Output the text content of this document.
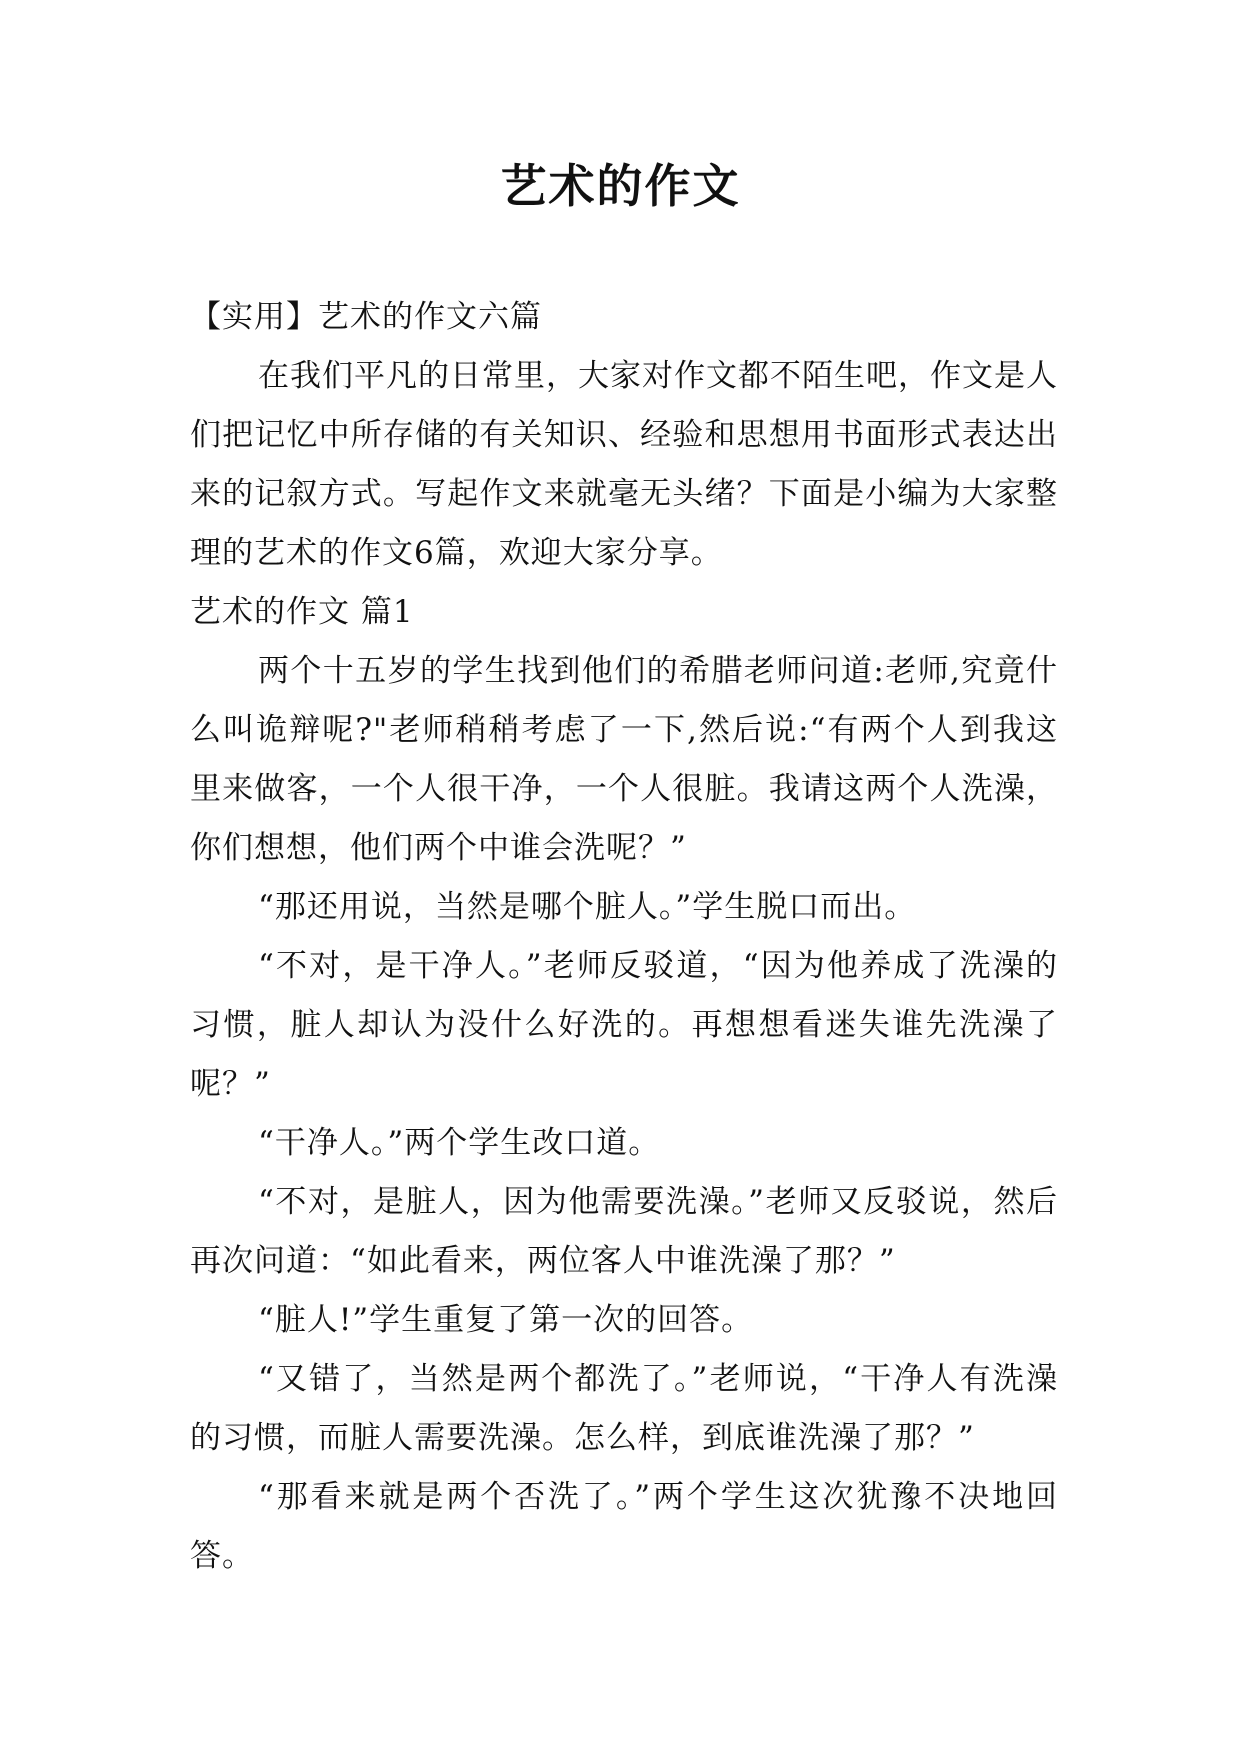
艺术的作文

【实用】艺术的作文六篇

在我们平凡的日常里，大家对作文都不陌生吧，作文是人们把记忆中所存储的有关知识、经验和思想用书面形式表达出来的记叙方式。写起作文来就毫无头绪？下面是小编为大家整理的艺术的作文6篇，欢迎大家分享。

艺术的作文 篇1

两个十五岁的学生找到他们的希腊老师问道:老师,究竟什么叫诡辩呢?"老师稍稍考虑了一下,然后说:“有两个人到我这里来做客，一个人很干净，一个人很脏。我请这两个人洗澡，你们想想，他们两个中谁会洗呢？”

“那还用说，当然是哪个脏人。”学生脱口而出。

“不对，是干净人。”老师反驳道，“因为他养成了洗澡的习惯，脏人却认为没什么好洗的。再想想看迷失谁先洗澡了呢？”

“干净人。”两个学生改口道。

“不对，是脏人，因为他需要洗澡。”老师又反驳说，然后再次问道：“如此看来，两位客人中谁洗澡了那？”

“脏人!”学生重复了第一次的回答。

“又错了，当然是两个都洗了。”老师说，“干净人有洗澡的习惯，而脏人需要洗澡。怎么样，到底谁洗澡了那？”

“那看来就是两个否洗了。”两个学生这次犹豫不决地回答。
